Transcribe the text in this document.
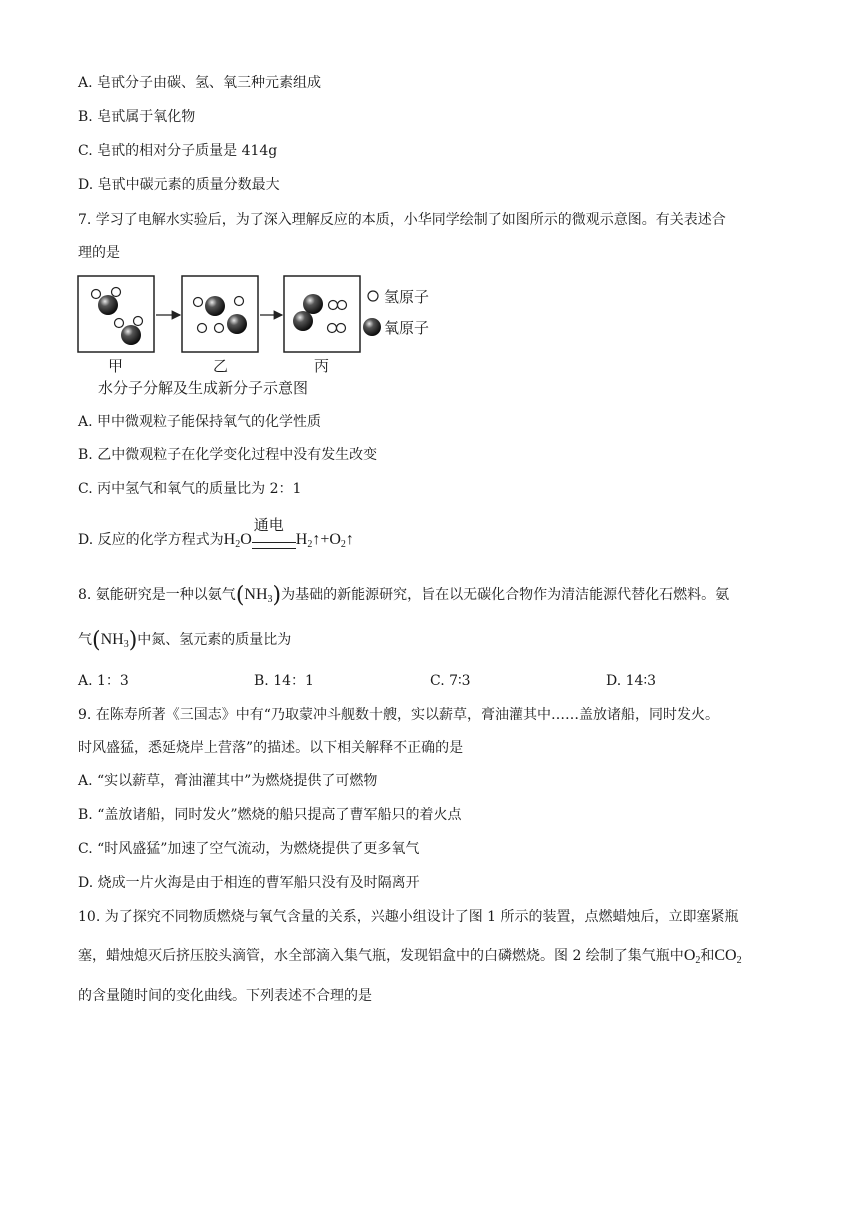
A. 皂甙分子由碳、氢、氧三种元素组成
B. 皂甙属于氧化物
C. 皂甙的相对分子质量是 414g
D. 皂甙中碳元素的质量分数最大
7. 学习了电解水实验后，为了深入理解反应的本质，小华同学绘制了如图所示的微观示意图。有关表述合
理的是
氢原子
氧原子
甲	乙	丙
水分子分解及生成新分子示意图
A. 甲中微观粒子能保持氧气的化学性质
B. 乙中微观粒子在化学变化过程中没有发生改变
C. 丙中氢气和氧气的质量比为 2：1
D. 反应的化学方程式为$H_2O$
通电
$H_2↑+O_2↑$
8. 氨能研究是一种以氨气$(NH_3)$为基础的新能源研究，旨在以无碳化合物作为清洁能源代替化石燃料。氨
气$(NH_3)$中氮、氢元素的质量比为
A. 1：3	B. 14：1	C. 7∶3	D. 14∶3
9. 在陈寿所著《三国志》中有“乃取蒙冲斗舰数十艘，实以薪草，膏油灌其中……盖放诸船，同时发火。
时风盛猛，悉延烧岸上营落”的描述。以下相关解释不正确的是
A. “实以薪草，膏油灌其中”为燃烧提供了可燃物
B. “盖放诸船，同时发火”燃烧的船只提高了曹军船只的着火点
C. “时风盛猛”加速了空气流动，为燃烧提供了更多氧气
D. 烧成一片火海是由于相连的曹军船只没有及时隔离开
10. 为了探究不同物质燃烧与氧气含量的关系，兴趣小组设计了图 1 所示的装置，点燃蜡烛后，立即塞紧瓶
塞，蜡烛熄灭后挤压胶头滴管，水全部滴入集气瓶，发现铝盒中的白磷燃烧。图 2 绘制了集气瓶中$O_2$和$CO_2$
的含量随时间的变化曲线。下列表述不合理的是
